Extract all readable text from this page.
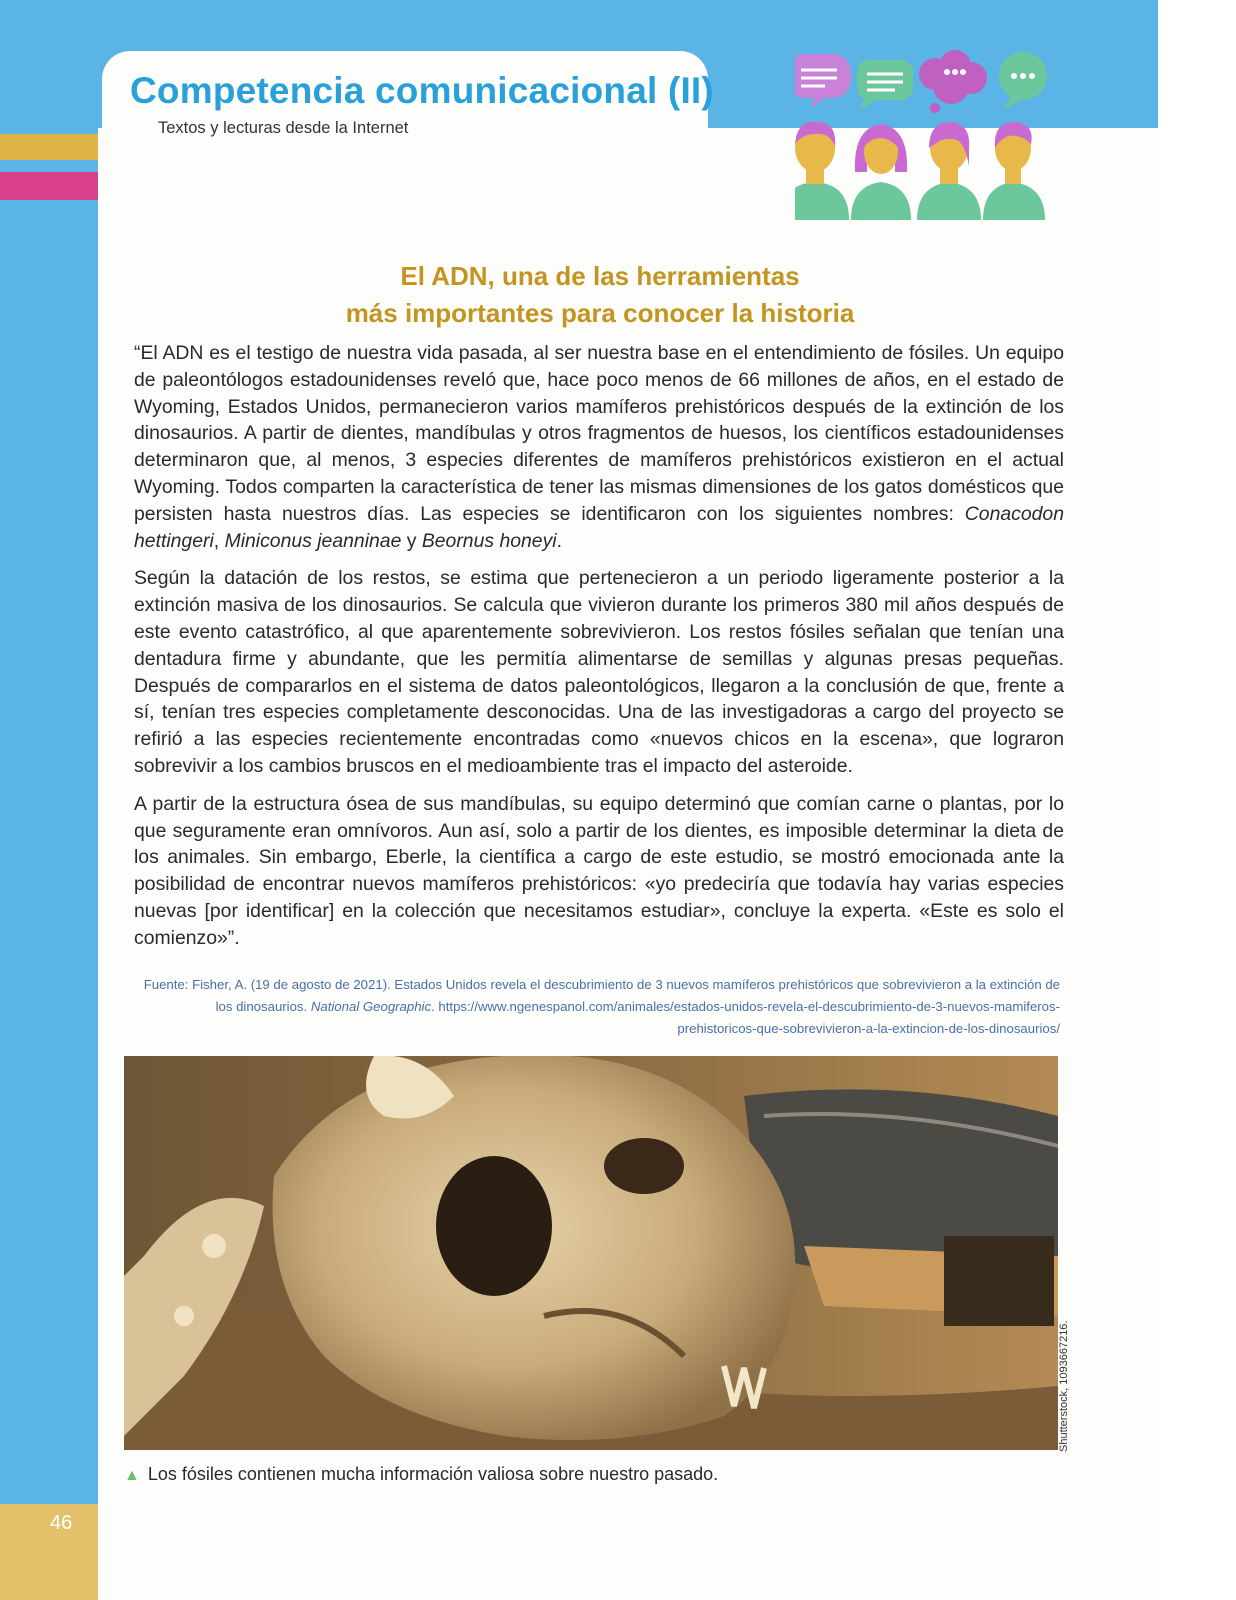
46
Competencia comunicacional (II)
Textos y lecturas desde la Internet
El ADN, una de las herramientas
más importantes para conocer la historia

“El ADN es el testigo de nuestra vida pasada, al ser nuestra base en el entendimiento de fósiles. Un equipo de paleontólogos estadounidenses reveló que, hace poco menos de 66 millones de años, en el estado de Wyoming, Estados Unidos, permanecieron varios mamíferos prehistóricos después de la extinción de los dinosaurios. A partir de dientes, mandíbulas y otros fragmentos de huesos, los científicos estadounidenses determinaron que, al menos, 3 especies diferentes de mamíferos prehistóricos existieron en el actual Wyoming. Todos comparten la característica de tener las mismas dimensiones de los gatos domésticos que persisten hasta nuestros días. Las especies se identificaron con los siguientes nombres: Conacodon hettingeri, Miniconus jeanninae y Beornus honeyi.

Según la datación de los restos, se estima que pertenecieron a un periodo ligeramente posterior a la extinción masiva de los dinosaurios. Se calcula que vivieron durante los primeros 380 mil años después de este evento catastrófico, al que aparentemente sobrevivieron. Los restos fósiles señalan que tenían una dentadura firme y abundante, que les permitía alimentarse de semillas y algunas presas pequeñas. Después de compararlos en el sistema de datos paleontológicos, llegaron a la conclusión de que, frente a sí, tenían tres especies completamente desconocidas. Una de las investigadoras a cargo del proyecto se refirió a las especies recientemente encontradas como «nuevos chicos en la escena», que lograron sobrevivir a los cambios bruscos en el medioambiente tras el impacto del asteroide.

A partir de la estructura ósea de sus mandíbulas, su equipo determinó que comían carne o plantas, por lo que seguramente eran omnívoros. Aun así, solo a partir de los dientes, es imposible determinar la dieta de los animales. Sin embargo, Eberle, la científica a cargo de este estudio, se mostró emocionada ante la posibilidad de encontrar nuevos mamíferos prehistóricos: «yo predeciría que todavía hay varias especies nuevas [por identificar] en la colección que necesitamos estudiar», concluye la experta. «Este es solo el comienzo»”.

Fuente: Fisher, A. (19 de agosto de 2021). Estados Unidos revela el descubrimiento de 3 nuevos mamíferos prehistóricos que sobrevivieron a la extinción de los dinosaurios. National Geographic. https://www.ngenespanol.com/animales/estados-unidos-revela-el-descubrimiento-de-3-nuevos-mamiferos-prehistoricos-que-sobrevivieron-a-la-extincion-de-los-dinosaurios/
Shutterstock, 1093667216.
▲ Los fósiles contienen mucha información valiosa sobre nuestro pasado.
